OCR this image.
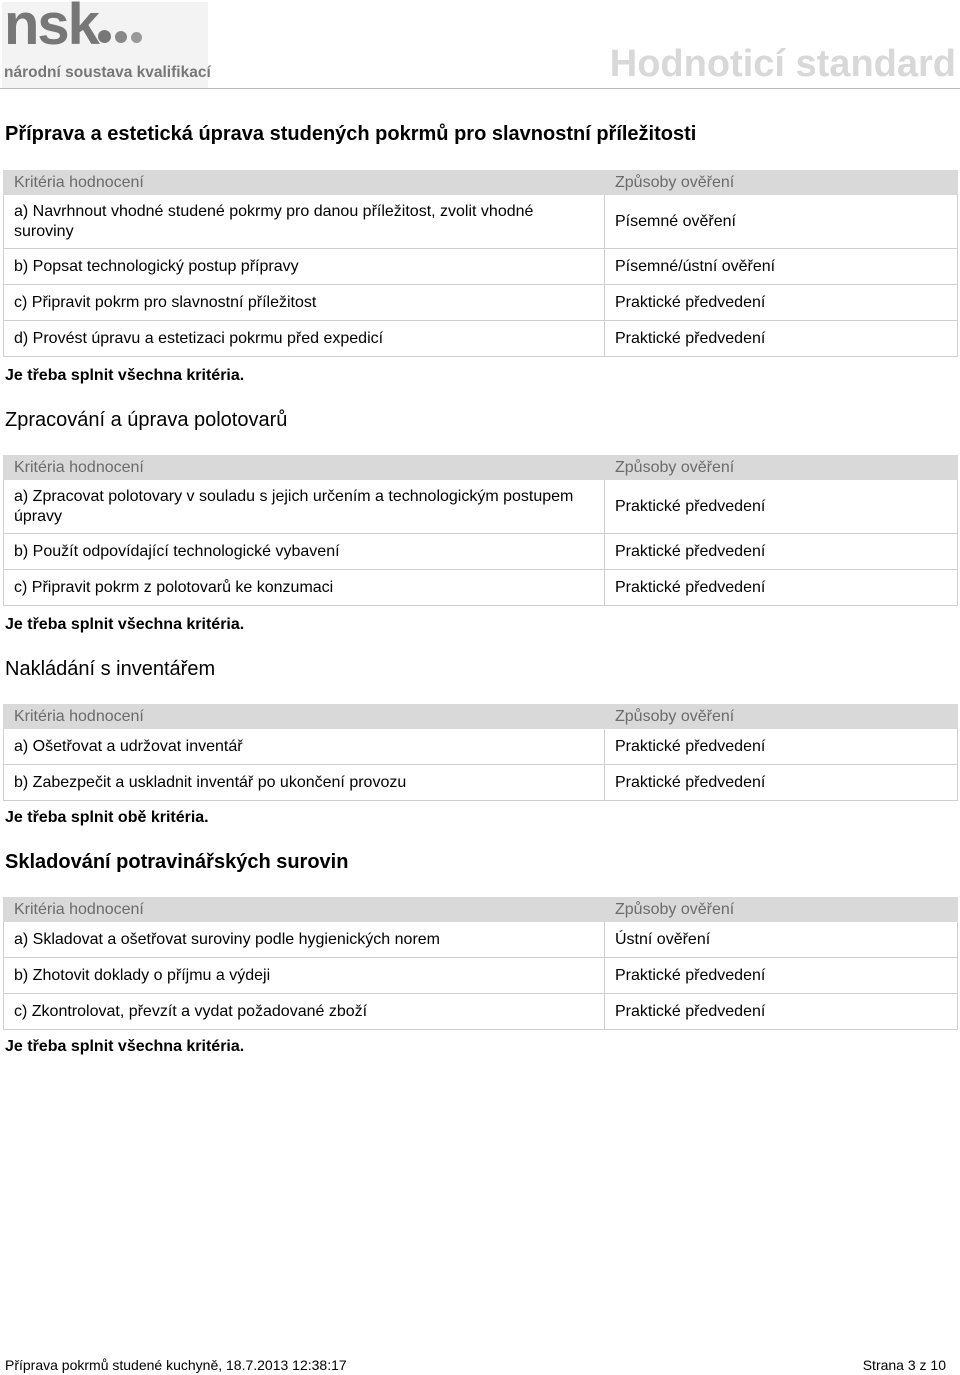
nsk
národní soustava kvalifikací	Hodnoticí standard
Příprava a estetická úprava studených pokrmů pro slavnostní příležitosti
Kritéria hodnocení	Způsoby ověření
a) Navrhnout vhodné studené pokrmy pro danou příležitost, zvolit vhodné suroviny	Písemné ověření
b) Popsat technologický postup přípravy	Písemné/ústní ověření
c) Připravit pokrm pro slavnostní příležitost	Praktické předvedení
d) Provést úpravu a estetizaci pokrmu před expedicí	Praktické předvedení
Je třeba splnit všechna kritéria.
Zpracování a úprava polotovarů
Kritéria hodnocení	Způsoby ověření
a) Zpracovat polotovary v souladu s jejich určením a technologickým postupem úpravy	Praktické předvedení
b) Použít odpovídající technologické vybavení	Praktické předvedení
c) Připravit pokrm z polotovarů ke konzumaci	Praktické předvedení
Je třeba splnit všechna kritéria.
Nakládání s inventářem
Kritéria hodnocení	Způsoby ověření
a) Ošetřovat a udržovat inventář	Praktické předvedení
b) Zabezpečit a uskladnit inventář po ukončení provozu	Praktické předvedení
Je třeba splnit obě kritéria.
Skladování potravinářských surovin
Kritéria hodnocení	Způsoby ověření
a) Skladovat a ošetřovat suroviny podle hygienických norem	Ústní ověření
b) Zhotovit doklady o příjmu a výdeji	Praktické předvedení
c) Zkontrolovat, převzít a vydat požadované zboží	Praktické předvedení
Je třeba splnit všechna kritéria.
Příprava pokrmů studené kuchyně, 18.7.2013 12:38:17	Strana 3 z 10
